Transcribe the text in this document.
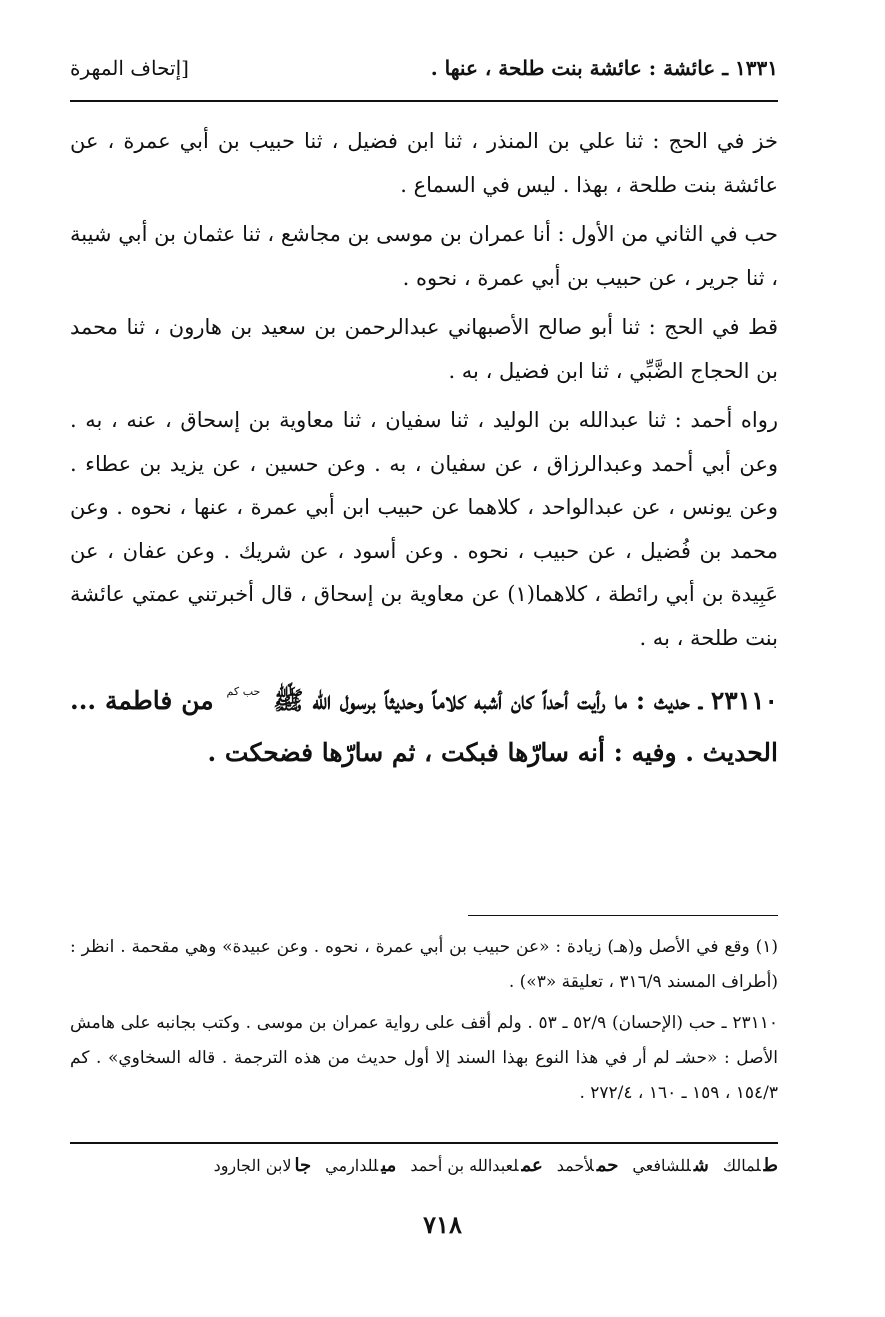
١٣٣١ ـ عائشة : عائشة بنت طلحة ، عنها .
[إتحاف المهرة

خز في الحج : ثنا علي بن المنذر ، ثنا ابن فضيل ، ثنا حبيب بن أبي عمرة ، عن عائشة بنت طلحة ، بهذا . ليس في السماع .

حب في الثاني من الأول : أنا عمران بن موسى بن مجاشع ، ثنا عثمان بن أبي شيبة ، ثنا جرير ، عن حبيب بن أبي عمرة ، نحوه .

قط في الحج : ثنا أبو صالح الأصبهاني عبدالرحمن بن سعيد بن هارون ، ثنا محمد بن الحجاج الضَّبِّي ، ثنا ابن فضيل ، به .

رواه أحمد : ثنا عبدالله بن الوليد ، ثنا سفيان ، ثنا معاوية بن إسحاق ، عنه ، به . وعن أبي أحمد وعبدالرزاق ، عن سفيان ، به . وعن حسين ، عن يزيد بن عطاء . وعن يونس ، عن عبدالواحد ، كلاهما عن حبيب ابن أبي عمرة ، عنها ، نحوه . وعن محمد بن فُضيل ، عن حبيب ، نحوه . وعن أسود ، عن شريك . وعن عفان ، عن عَبِيدة بن أبي رائطة ، كلاهما(١) عن معاوية بن إسحاق ، قال أخبرتني عمتي عائشة بنت طلحة ، به .

٢٣١١٠ ـ حديث : ما رأيت أحداً كان أشبه كلاماً وحديثاً برسول الله ﷺ $^{حب كم}$ من فاطمة ... الحديث . وفيه : أنه سارّها فبكت ، ثم سارّها فضحكت .

(١) وقع في الأصل و(هـ) زيادة : «عن حبيب بن أبي عمرة ، نحوه . وعن عبيدة» وهي مقحمة . انظر : (أطراف المسند ٣١٦/٩ ، تعليقة «٣») .

٢٣١١٠ ـ حب (الإحسان) ٥٢/٩ ـ ٥٣ . ولم أقف على رواية عمران بن موسى . وكتب بجانبه على هامش الأصل : «حشـ لم أر في هذا النوع بهذا السند إلا أول حديث من هذه الترجمة . قاله السخاوي» . كم ١٥٤/٣ ، ١٥٩ ـ ١٦٠ ، ٢٧٢/٤ .

طلمالك
شللشافعي
حملأحمد
عملعبدالله بن أحمد
ميللدارمي
جالابن الجارود
٧١٨
